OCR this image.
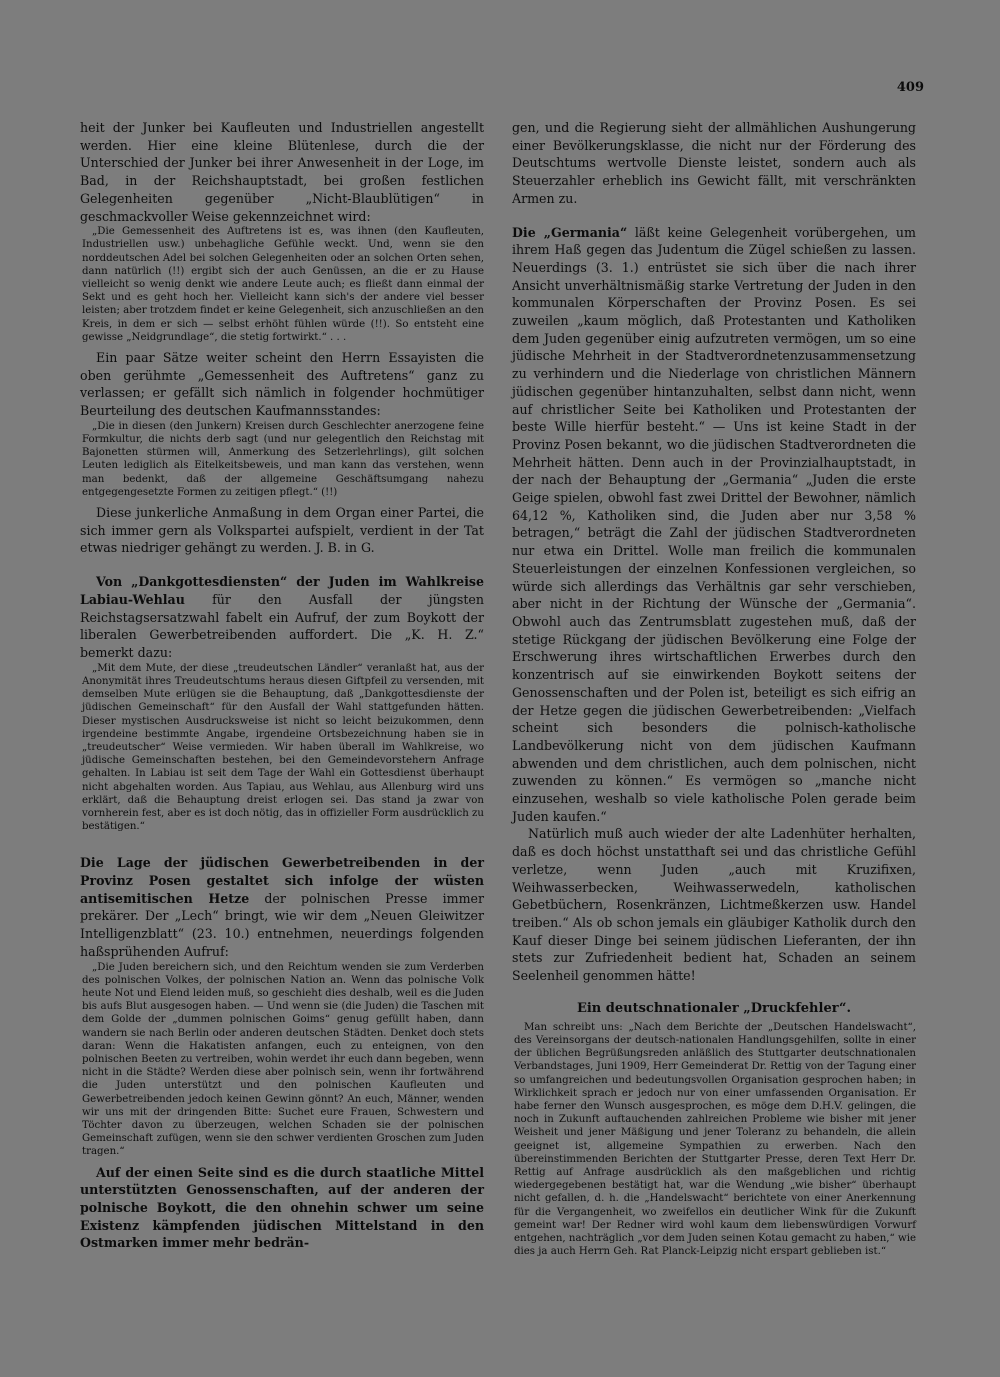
409

heit der Junker bei Kaufleuten und Industriellen angestellt werden. Hier eine kleine Blütenlese, durch die der Unterschied der Junker bei ihrer Anwesenheit in der Loge, im Bad, in der Reichshauptstadt, bei großen festlichen Gelegenheiten gegenüber „Nicht-Blaublütigen“ in geschmackvoller Weise gekennzeichnet wird:

„Die Gemessenheit des Auftretens ist es, was ihnen (den Kaufleuten, Industriellen usw.) unbehagliche Gefühle weckt. Und, wenn sie den norddeutschen Adel bei solchen Gelegenheiten oder an solchen Orten sehen, dann natürlich (!!) ergibt sich der auch Genüssen, an die er zu Hause vielleicht so wenig denkt wie andere Leute auch; es fließt dann einmal der Sekt und es geht hoch her. Vielleicht kann sich's der andere viel besser leisten; aber trotzdem findet er keine Gelegenheit, sich anzuschließen an den Kreis, in dem er sich — selbst erhöht fühlen würde (!!). So entsteht eine gewisse „Neidgrundlage“, die stetig fortwirkt.“ . . .

Ein paar Sätze weiter scheint den Herrn Essayisten die oben gerühmte „Gemessenheit des Auftretens“ ganz zu verlassen; er gefällt sich nämlich in folgender hochmütiger Beurteilung des deutschen Kaufmannsstandes:

„Die in diesen (den Junkern) Kreisen durch Geschlechter anerzogene feine Formkultur, die nichts derb sagt (und nur gelegentlich den Reichstag mit Bajonetten stürmen will, Anmerkung des Setzerlehrlings), gilt solchen Leuten lediglich als Eitelkeitsbeweis, und man kann das verstehen, wenn man bedenkt, daß der allgemeine Geschäftsumgang nahezu entgegengesetzte Formen zu zeitigen pflegt.“ (!!)

Diese junkerliche Anmaßung in dem Organ einer Partei, die sich immer gern als Volkspartei aufspielt, verdient in der Tat etwas niedriger gehängt zu werden. J. B. in G.

Von „Dankgottesdiensten“ der Juden im Wahlkreise Labiau-Wehlau für den Ausfall der jüngsten Reichstagsersatzwahl fabelt ein Aufruf, der zum Boykott der liberalen Gewerbetreibenden auffordert. Die „K. H. Z.“ bemerkt dazu:

„Mit dem Mute, der diese „treudeutschen Ländler“ veranlaßt hat, aus der Anonymität ihres Treudeutschtums heraus diesen Giftpfeil zu versenden, mit demselben Mute erlügen sie die Behauptung, daß „Dankgottesdienste der jüdischen Gemeinschaft“ für den Ausfall der Wahl stattgefunden hätten. Dieser mystischen Ausdrucksweise ist nicht so leicht beizukommen, denn irgendeine bestimmte Angabe, irgendeine Ortsbezeichnung haben sie in „treudeutscher“ Weise vermieden. Wir haben überall im Wahlkreise, wo jüdische Gemeinschaften bestehen, bei den Gemeindevorstehern Anfrage gehalten. In Labiau ist seit dem Tage der Wahl ein Gottesdienst überhaupt nicht abgehalten worden. Aus Tapiau, aus Wehlau, aus Allenburg wird uns erklärt, daß die Behauptung dreist erlogen sei. Das stand ja zwar von vornherein fest, aber es ist doch nötig, das in offizieller Form ausdrücklich zu bestätigen.“

Die Lage der jüdischen Gewerbetreibenden in der Provinz Posen gestaltet sich infolge der wüsten antisemitischen Hetze der polnischen Presse immer prekärer. Der „Lech“ bringt, wie wir dem „Neuen Gleiwitzer Intelligenzblatt“ (23. 10.) entnehmen, neuerdings folgenden haßsprühenden Aufruf:

„Die Juden bereichern sich, und den Reichtum wenden sie zum Verderben des polnischen Volkes, der polnischen Nation an. Wenn das polnische Volk heute Not und Elend leiden muß, so geschieht dies deshalb, weil es die Juden bis aufs Blut ausgesogen haben. — Und wenn sie (die Juden) die Taschen mit dem Golde der „dummen polnischen Goims“ genug gefüllt haben, dann wandern sie nach Berlin oder anderen deutschen Städten. Denket doch stets daran: Wenn die Hakatisten anfangen, euch zu enteignen, von den polnischen Beeten zu vertreiben, wohin werdet ihr euch dann begeben, wenn nicht in die Städte? Werden diese aber polnisch sein, wenn ihr fortwährend die Juden unterstützt und den polnischen Kaufleuten und Gewerbetreibenden jedoch keinen Gewinn gönnt? An euch, Männer, wenden wir uns mit der dringenden Bitte: Suchet eure Frauen, Schwestern und Töchter davon zu überzeugen, welchen Schaden sie der polnischen Gemeinschaft zufügen, wenn sie den schwer verdienten Groschen zum Juden tragen.“

Auf der einen Seite sind es die durch staatliche Mittel unterstützten Genossenschaften, auf der anderen der polnische Boykott, die den ohnehin schwer um seine Existenz kämpfenden jüdischen Mittelstand in den Ostmarken immer mehr bedrän-

gen, und die Regierung sieht der allmählichen Aushungerung einer Bevölkerungsklasse, die nicht nur der Förderung des Deutschtums wertvolle Dienste leistet, sondern auch als Steuerzahler erheblich ins Gewicht fällt, mit verschränkten Armen zu.

Die „Germania“ läßt keine Gelegenheit vorübergehen, um ihrem Haß gegen das Judentum die Zügel schießen zu lassen. Neuerdings (3. 1.) entrüstet sie sich über die nach ihrer Ansicht unverhältnismäßig starke Vertretung der Juden in den kommunalen Körperschaften der Provinz Posen. Es sei zuweilen „kaum möglich, daß Protestanten und Katholiken dem Juden gegenüber einig aufzutreten vermögen, um so eine jüdische Mehrheit in der Stadtverordnetenzusammensetzung zu verhindern und die Niederlage von christlichen Männern jüdischen gegenüber hintanzuhalten, selbst dann nicht, wenn auf christlicher Seite bei Katholiken und Protestanten der beste Wille hierfür besteht.“ — Uns ist keine Stadt in der Provinz Posen bekannt, wo die jüdischen Stadtverordneten die Mehrheit hätten. Denn auch in der Provinzialhauptstadt, in der nach der Behauptung der „Germania“ „Juden die erste Geige spielen, obwohl fast zwei Drittel der Bewohner, nämlich 64,12 %, Katholiken sind, die Juden aber nur 3,58 % betragen,“ beträgt die Zahl der jüdischen Stadtverordneten nur etwa ein Drittel. Wolle man freilich die kommunalen Steuerleistungen der einzelnen Konfessionen vergleichen, so würde sich allerdings das Verhältnis gar sehr verschieben, aber nicht in der Richtung der Wünsche der „Germania“. Obwohl auch das Zentrumsblatt zugestehen muß, daß der stetige Rückgang der jüdischen Bevölkerung eine Folge der Erschwerung ihres wirtschaftlichen Erwerbes durch den konzentrisch auf sie einwirkenden Boykott seitens der Genossenschaften und der Polen ist, beteiligt es sich eifrig an der Hetze gegen die jüdischen Gewerbetreibenden: „Vielfach scheint sich besonders die polnisch-katholische Landbevölkerung nicht von dem jüdischen Kaufmann abwenden und dem christlichen, auch dem polnischen, nicht zuwenden zu können.“ Es vermögen so „manche nicht einzusehen, weshalb so viele katholische Polen gerade beim Juden kaufen.“

Natürlich muß auch wieder der alte Ladenhüter herhalten, daß es doch höchst unstatthaft sei und das christliche Gefühl verletze, wenn Juden „auch mit Kruzifixen, Weihwasserbecken, Weihwasserwedeln, katholischen Gebetbüchern, Rosenkränzen, Lichtmeßkerzen usw. Handel treiben.“ Als ob schon jemals ein gläubiger Katholik durch den Kauf dieser Dinge bei seinem jüdischen Lieferanten, der ihn stets zur Zufriedenheit bedient hat, Schaden an seinem Seelenheil genommen hätte!

Ein deutschnationaler „Druckfehler“.

Man schreibt uns: „Nach dem Berichte der „Deutschen Handelswacht“, des Vereinsorgans der deutsch-nationalen Handlungsgehilfen, sollte in einer der üblichen Begrüßungsreden anläßlich des Stuttgarter deutschnationalen Verbandstages, Juni 1909, Herr Gemeinderat Dr. Rettig von der Tagung einer so umfangreichen und bedeutungsvollen Organisation gesprochen haben; in Wirklichkeit sprach er jedoch nur von einer umfassenden Organisation. Er habe ferner den Wunsch ausgesprochen, es möge dem D.H.V. gelingen, die noch in Zukunft auftauchenden zahlreichen Probleme wie bisher mit jener Weisheit und jener Mäßigung und jener Toleranz zu behandeln, die allein geeignet ist, allgemeine Sympathien zu erwerben. Nach den übereinstimmenden Berichten der Stuttgarter Presse, deren Text Herr Dr. Rettig auf Anfrage ausdrücklich als den maßgeblichen und richtig wiedergegebenen bestätigt hat, war die Wendung „wie bisher“ überhaupt nicht gefallen, d. h. die „Handelswacht“ berichtete von einer Anerkennung für die Vergangenheit, wo zweifellos ein deutlicher Wink für die Zukunft gemeint war! Der Redner wird wohl kaum dem liebenswürdigen Vorwurf entgehen, nachträglich „vor dem Juden seinen Kotau gemacht zu haben,“ wie dies ja auch Herrn Geh. Rat Planck-Leipzig nicht erspart geblieben ist.“
